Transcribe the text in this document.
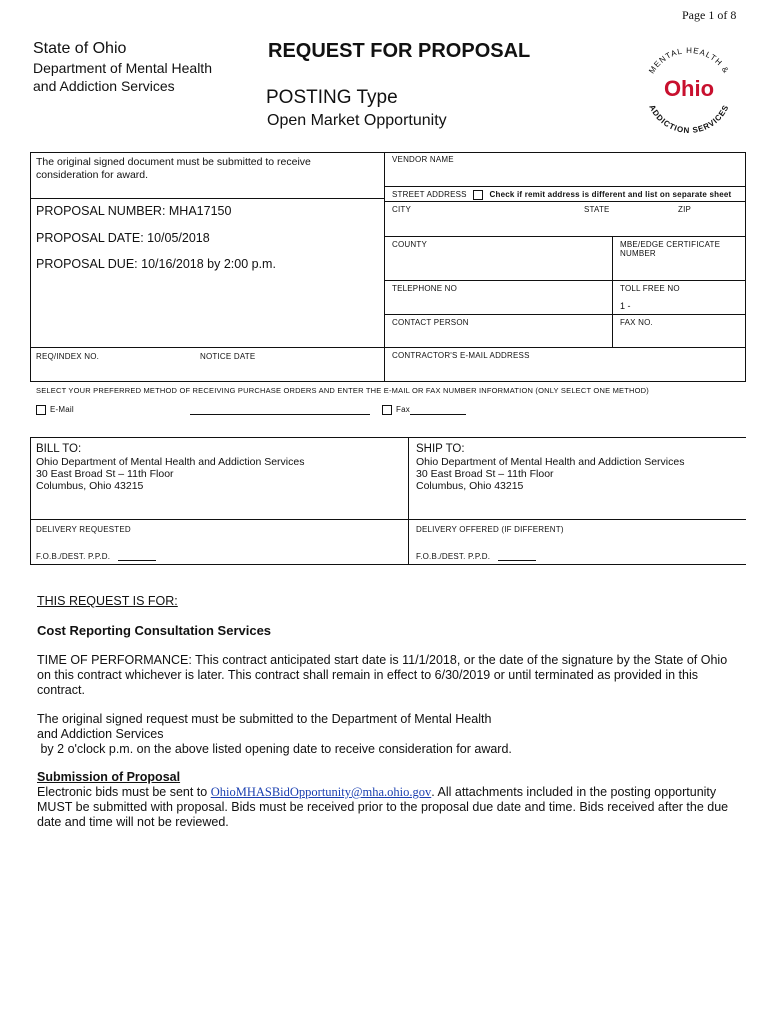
Page 1 of 8
State of Ohio
Department of Mental Health
and Addiction Services
REQUEST FOR PROPOSAL
POSTING Type
Open Market Opportunity
MENTAL HEALTH &
Ohio
ADDICTION SERVICES
The original signed document must be submitted to receive consideration for award.
PROPOSAL NUMBER: MHA17150
PROPOSAL DATE: 10/05/2018
PROPOSAL DUE: 10/16/2018 by 2:00 p.m.
REQ/INDEX NO.	NOTICE DATE
VENDOR NAME
STREET ADDRESS	Check if remit address is different and list on separate sheet
CITY	STATE	ZIP
COUNTY	MBE/EDGE CERTIFICATE NUMBER
TELEPHONE NO	TOLL FREE NO
1 -
CONTACT PERSON	FAX NO.
CONTRACTOR'S E-MAIL ADDRESS
SELECT YOUR PREFERRED METHOD OF RECEIVING PURCHASE ORDERS AND ENTER THE E-MAIL OR FAX NUMBER INFORMATION (ONLY SELECT ONE METHOD)
E-Mail	Fax
BILL TO:
Ohio Department of Mental Health and Addiction Services
30 East Broad St – 11th Floor
Columbus, Ohio 43215
SHIP TO:
Ohio Department of Mental Health and Addiction Services
30 East Broad St – 11th Floor
Columbus, Ohio 43215
DELIVERY REQUESTED	DELIVERY OFFERED (IF DIFFERENT)
F.O.B./DEST. P.P.D.	F.O.B./DEST. P.P.D.
THIS REQUEST IS FOR:
Cost Reporting Consultation Services
TIME OF PERFORMANCE: This contract anticipated start date is 11/1/2018, or the date of the signature by the State of Ohio on this contract whichever is later. This contract shall remain in effect to 6/30/2019 or until terminated as provided in this contract.
The original signed request must be submitted to the Department of Mental Health
and Addiction Services
by 2 o'clock p.m. on the above listed opening date to receive consideration for award.
Submission of Proposal
Electronic bids must be sent to OhioMHASBidOpportunity@mha.ohio.gov. All attachments included in the posting opportunity MUST be submitted with proposal. Bids must be received prior to the proposal due date and time. Bids received after the due date and time will not be reviewed.
